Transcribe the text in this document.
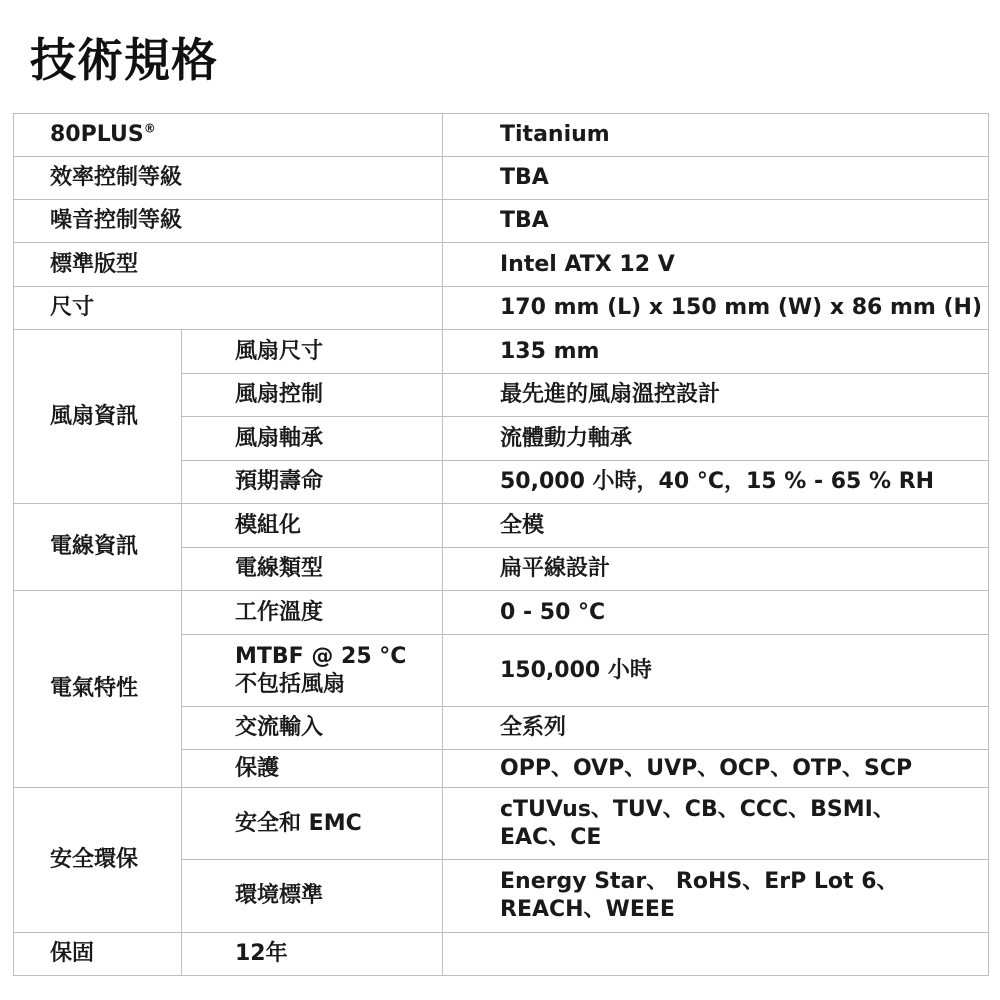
技術規格
80PLUS®		Titanium
效率控制等級		TBA
噪音控制等級		TBA
標準版型		Intel ATX 12 V
尺寸		170 mm (L) x 150 mm (W) x 86 mm (H)
風扇資訊	風扇尺寸	135 mm
	風扇控制	最先進的風扇溫控設計
	風扇軸承	流體動力軸承
	預期壽命	50,000 小時，40 °C，15 % - 65 % RH
電線資訊	模組化	全模
	電線類型	扁平線設計
電氣特性	工作溫度	0 - 50 °C

	MTBF @ 25 °C
不包括風扇	150,000 小時
	交流輸入	全系列
	保護	OPP、OVP、UVP、OCP、OTP、SCP
安全環保	安全和 EMC	cTUVus、TUV、CB、CCC、BSMI、
EAC、CE

	環境標準	Energy Star、 RoHS、ErP Lot 6、
REACH、WEEE

保固	12年	
